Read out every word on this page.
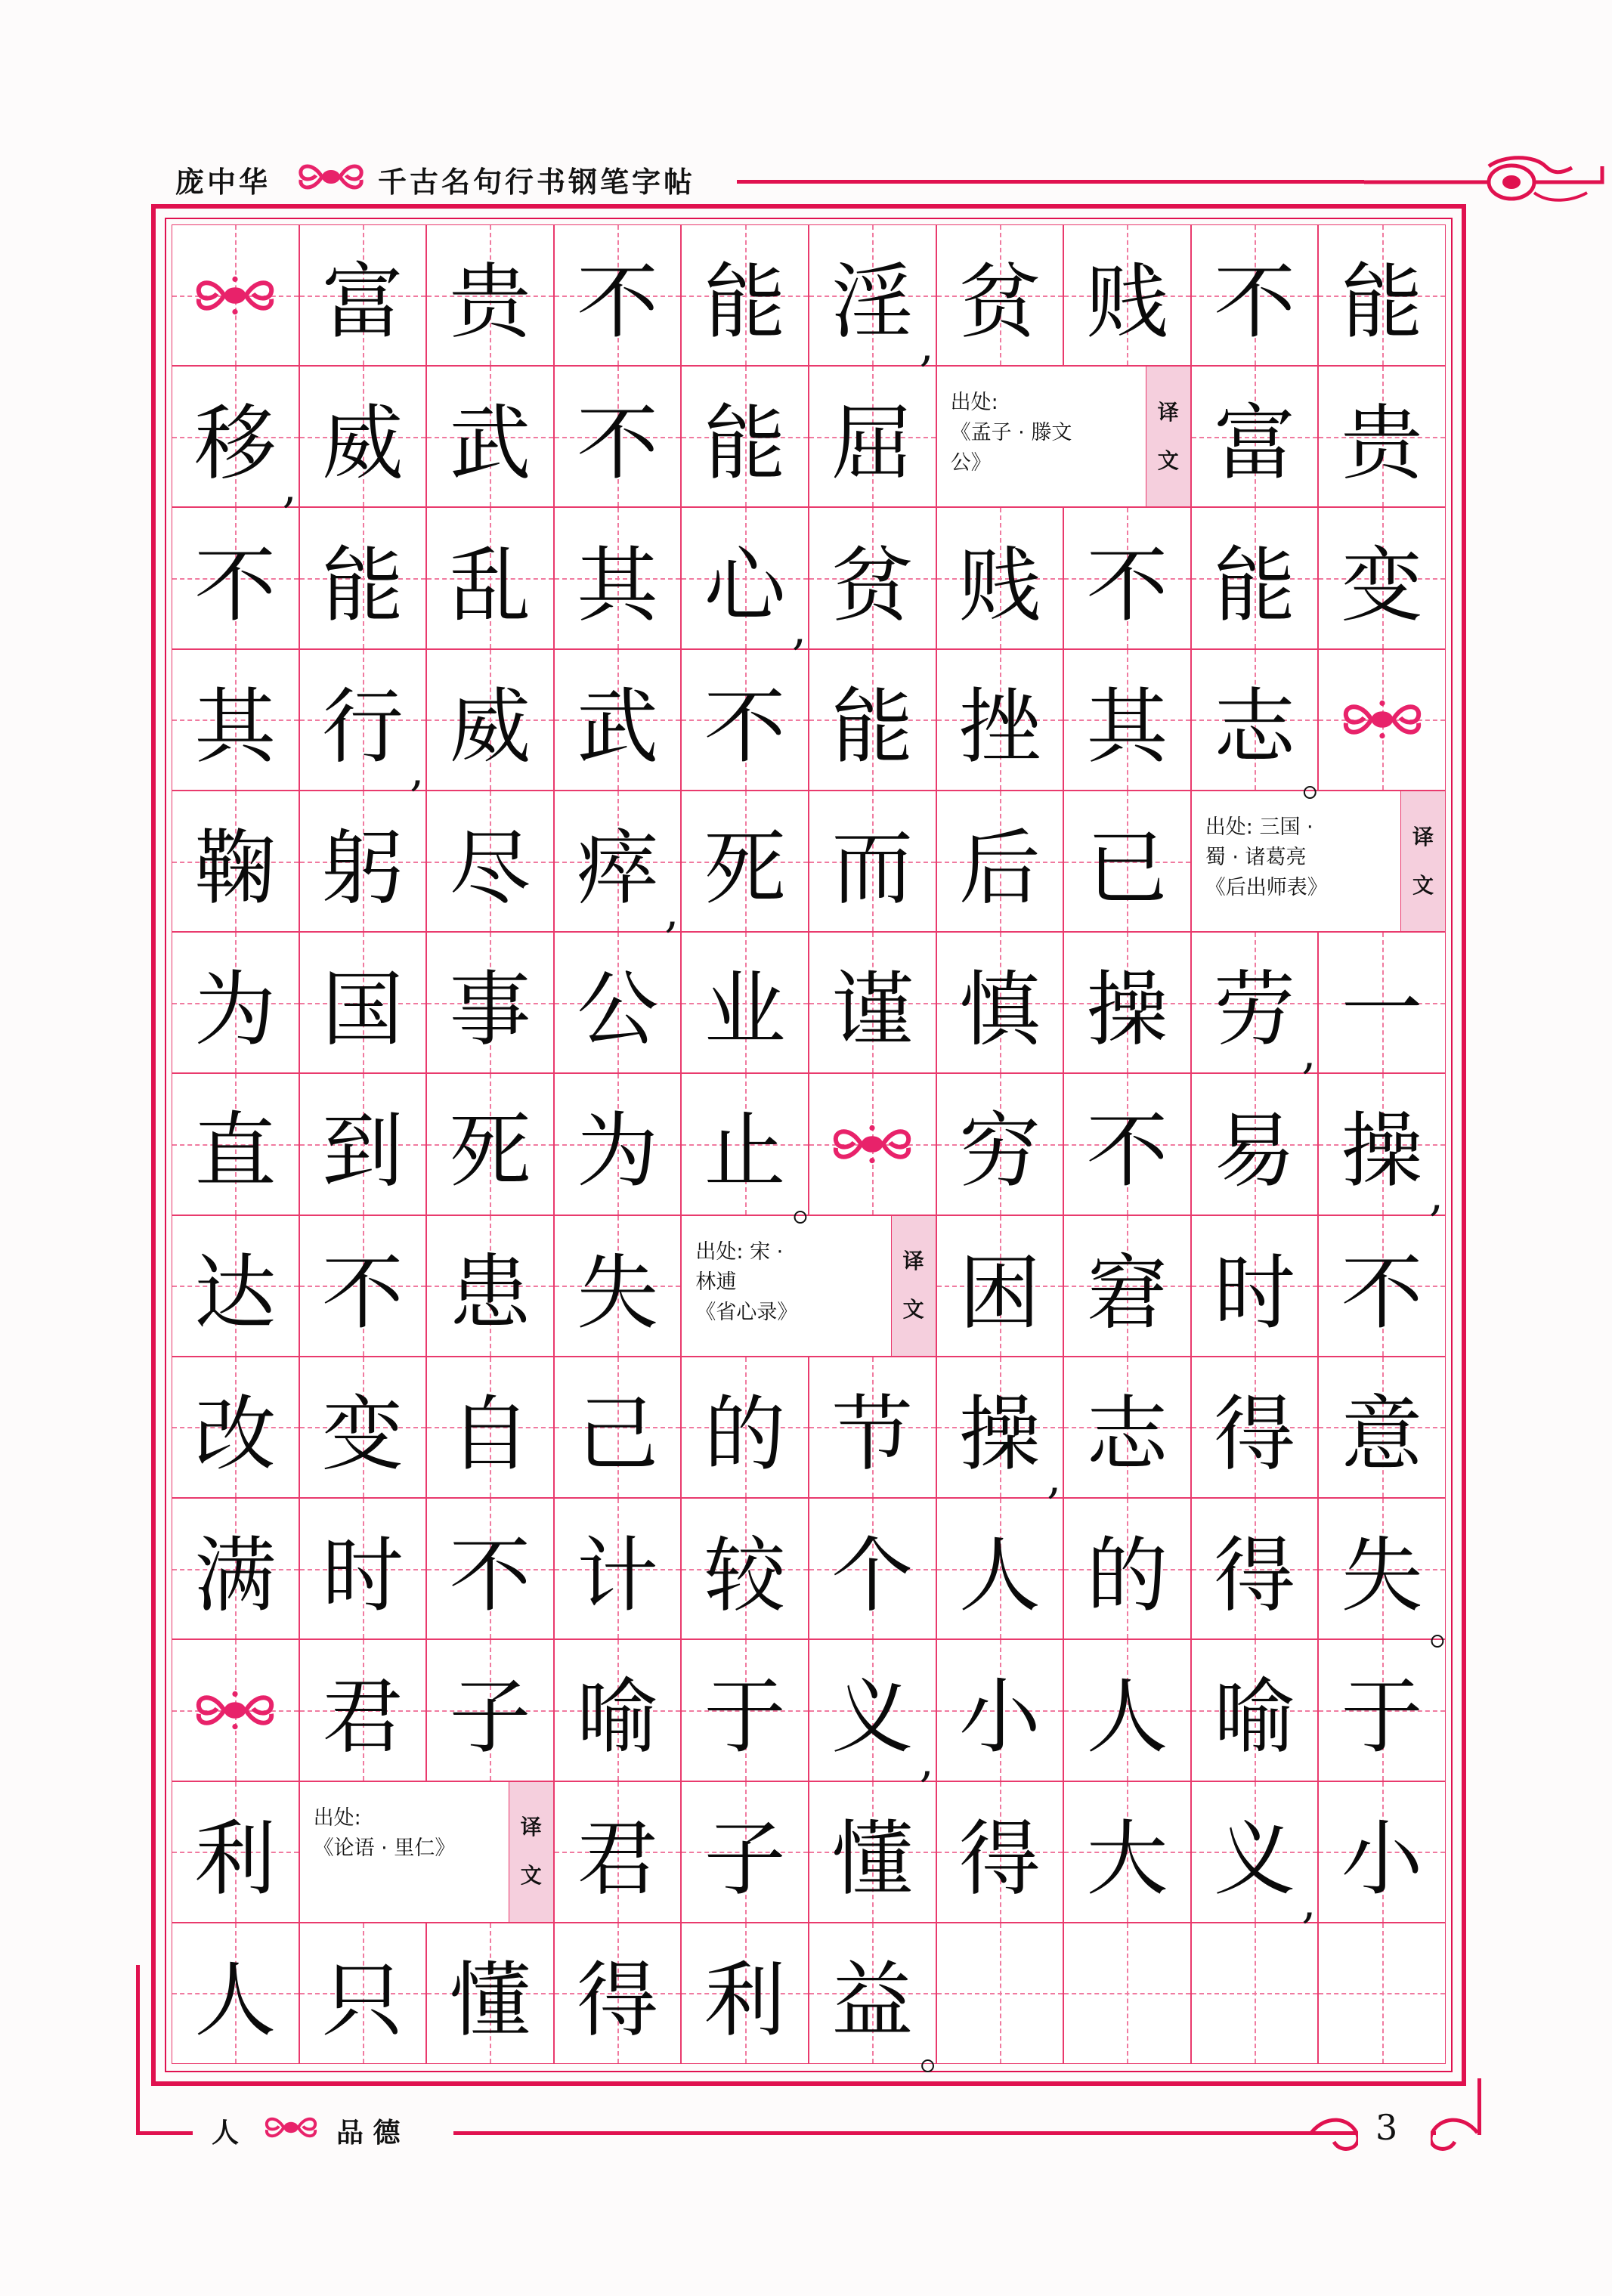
庞中华	千古名句行书钢笔字帖
富 贵 不 能 淫 贫 贱 不 能
移 威 武 不 能 屈	富 贵
不 能 乱 其 心 贫 贱 不 能 变
其 行 威 武 不 能 挫 其 志
鞠 躬 尽 瘁 死 而 后 已
为 国 事 公 业 谨 慎 操 劳 一
直 到 死 为 止 穷 不 易 操
达 不 患 失	困 窘 时 不
改 变 自 己 的 节 操 志 得 意
满 时 不 计 较 个 人 的 得 失
君 子 喻 于 义 小 人 喻 于
利	君 子 懂 得 大 义 小
人 只 懂 得 利 益
出处:
《孟子 · 滕文
公》
译
文
出处: 三国 ·
蜀 · 诸葛亮
《后出师表》
译
文
出处: 宋 ·
林逋
《省心录》
译
文
出处:
《论语 · 里仁》
译
文
,
,
,
,	。
,
,
。	,
,
。
,
,
。
人	品 德	3
